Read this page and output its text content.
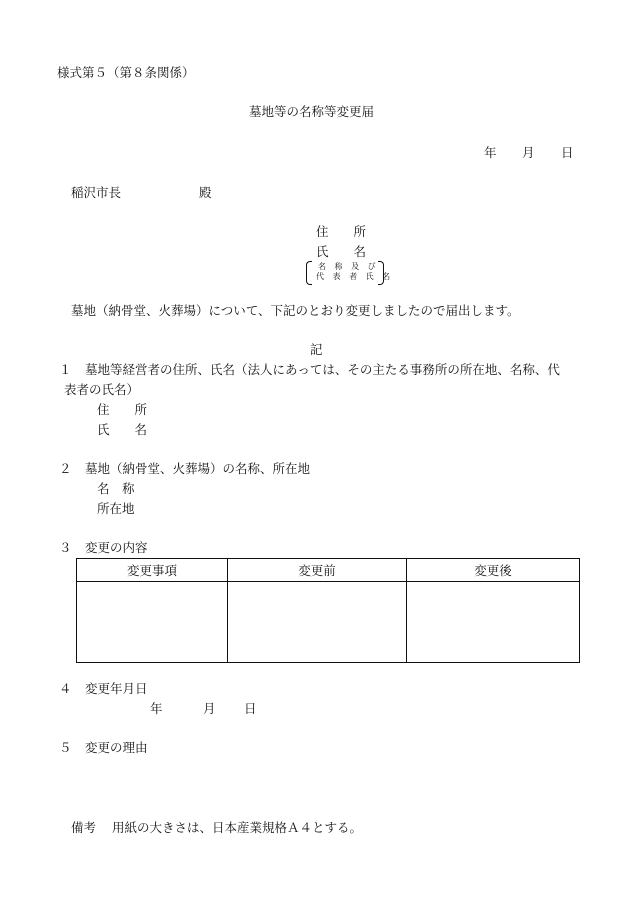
様式第５（第８条関係）
墓地等の名称等変更届
年 月 日
稲沢市長	殿
住　　所
氏　　名
名 称 及 び
代 表 者 氏 名
墓地（納骨堂、火葬場）について、下記のとおり変更しましたので届出します。
記
１ 墓地等経営者の住所、氏名（法人にあっては、その主たる事務所の所在地、名称、代
表者の氏名）
住　　所
氏　　名
２ 墓地（納骨堂、火葬場）の名称、所在地
名　称
所在地
３ 変更の内容
変更事項	変更前	変更後

４ 変更年月日
年	月 日
５ 変更の理由
備考 用紙の大きさは、日本産業規格Ａ４とする。
